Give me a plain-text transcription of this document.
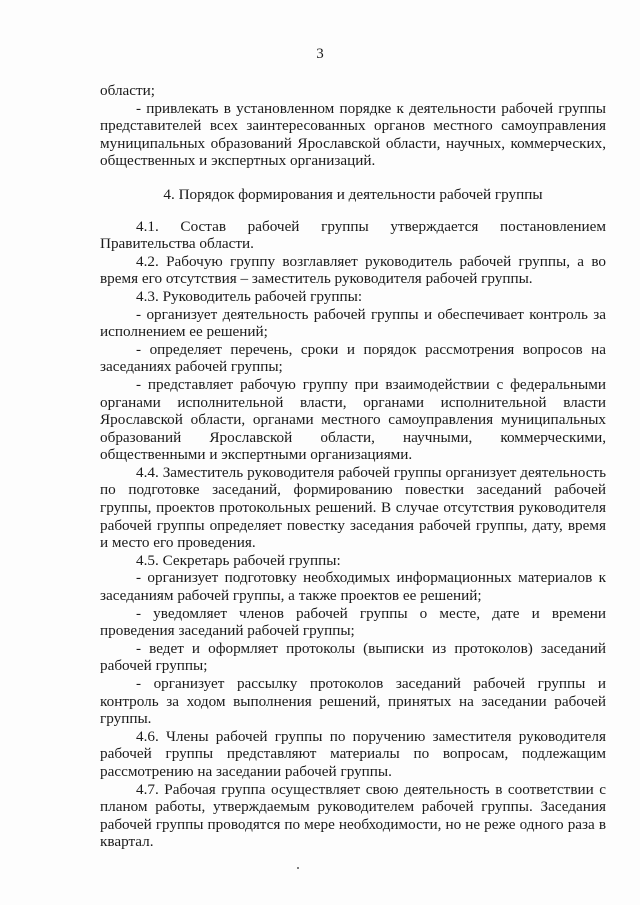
3

области;

- привлекать в установленном порядке к деятельности рабочей группы представителей всех заинтересованных органов местного самоуправления муниципальных образований Ярославской области, научных, коммерческих, общественных и экспертных организаций.

4. Порядок формирования и деятельности рабочей группы

4.1. Состав рабочей группы утверждается постановлением Правительства области.

4.2. Рабочую группу возглавляет руководитель рабочей группы, а во время его отсутствия – заместитель руководителя рабочей группы.

4.3. Руководитель рабочей группы:

- организует деятельность рабочей группы и обеспечивает контроль за исполнением ее решений;

- определяет перечень, сроки и порядок рассмотрения вопросов на заседаниях рабочей группы;

- представляет рабочую группу при взаимодействии с федеральными органами исполнительной власти, органами исполнительной власти Ярославской области, органами местного самоуправления муниципальных образований Ярославской области, научными, коммерческими, общественными и экспертными организациями.

4.4. Заместитель руководителя рабочей группы организует деятельность по подготовке заседаний, формированию повестки заседаний рабочей группы, проектов протокольных решений. В случае отсутствия руководителя рабочей группы определяет повестку заседания рабочей группы, дату, время и место его проведения.

4.5. Секретарь рабочей группы:

- организует подготовку необходимых информационных материалов к заседаниям рабочей группы, а также проектов ее решений;

- уведомляет членов рабочей группы о месте, дате и времени проведения заседаний рабочей группы;

- ведет и оформляет протоколы (выписки из протоколов) заседаний рабочей группы;

- организует рассылку протоколов заседаний рабочей группы и контроль за ходом выполнения решений, принятых на заседании рабочей группы.

4.6. Члены рабочей группы по поручению заместителя руководителя рабочей группы представляют материалы по вопросам, подлежащим рассмотрению на заседании рабочей группы.

4.7. Рабочая группа осуществляет свою деятельность в соответствии с планом работы, утверждаемым руководителем рабочей группы. Заседания рабочей группы проводятся по мере необходимости, но не реже одного раза в квартал.
